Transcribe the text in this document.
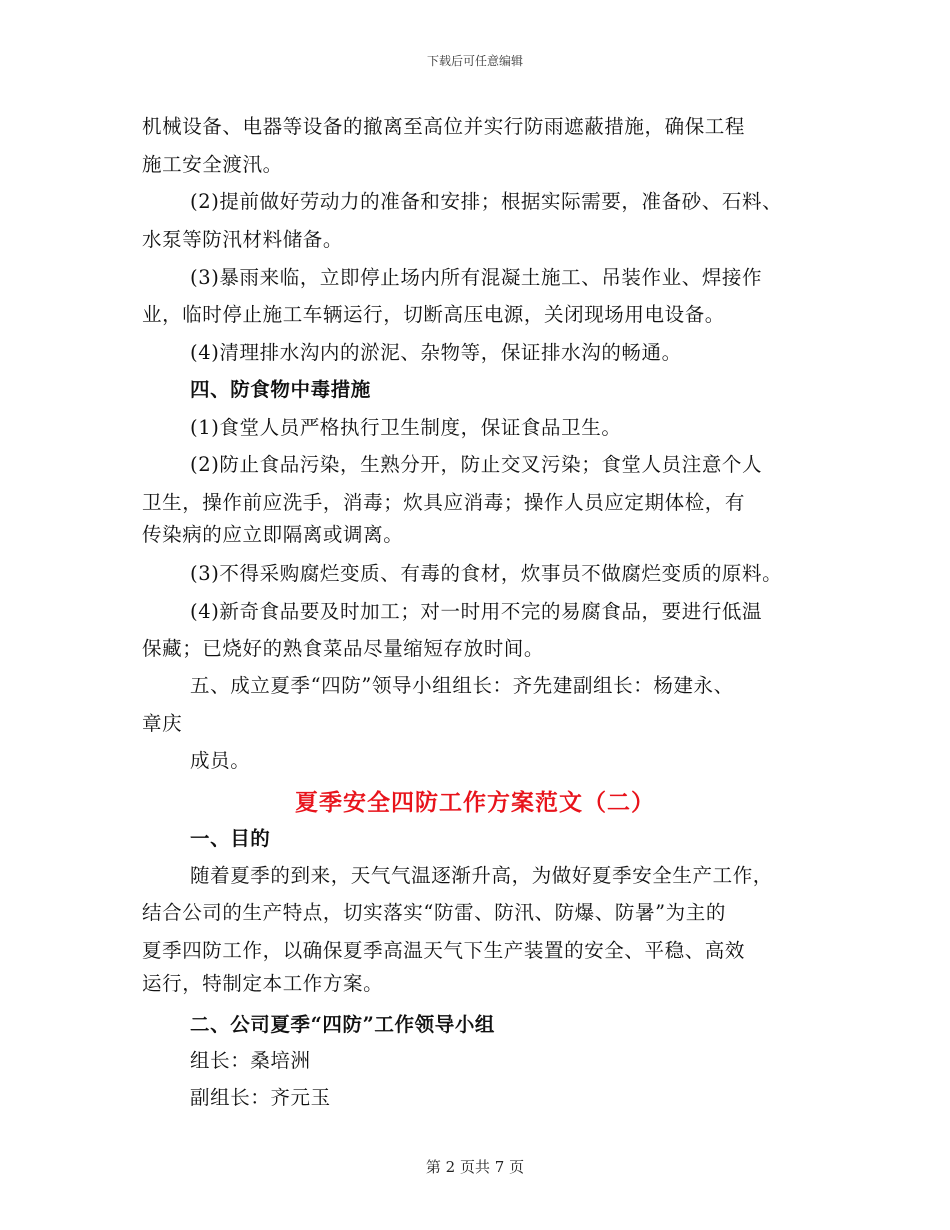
下载后可任意编辑
机械设备、电器等设备的撤离至高位并实行防雨遮蔽措施，确保工程
施工安全渡汛。
(2)提前做好劳动力的准备和安排；根据实际需要，准备砂、石料、
水泵等防汛材料储备。
(3)暴雨来临，立即停止场内所有混凝土施工、吊装作业、焊接作
业，临时停止施工车辆运行，切断高压电源，关闭现场用电设备。
(4)清理排水沟内的淤泥、杂物等，保证排水沟的畅通。
四、防食物中毒措施
(1)食堂人员严格执行卫生制度，保证食品卫生。
(2)防止食品污染，生熟分开，防止交叉污染；食堂人员注意个人
卫生，操作前应洗手，消毒；炊具应消毒；操作人员应定期体检，有
传染病的应立即隔离或调离。
(3)不得采购腐烂变质、有毒的食材，炊事员不做腐烂变质的原料。
(4)新奇食品要及时加工；对一时用不完的易腐食品，要进行低温
保藏；已烧好的熟食菜品尽量缩短存放时间。
五、成立夏季“四防”领导小组组长：齐先建副组长：杨建永、
章庆
成员。
夏季安全四防工作方案范文（二）
一、目的
随着夏季的到来，天气气温逐渐升高，为做好夏季安全生产工作，
结合公司的生产特点，切实落实“防雷、防汛、防爆、防暑”为主的
夏季四防工作，以确保夏季高温天气下生产装置的安全、平稳、高效
运行，特制定本工作方案。
二、公司夏季“四防”工作领导小组
组长：桑培洲
副组长：齐元玉
第 2 页共 7 页
